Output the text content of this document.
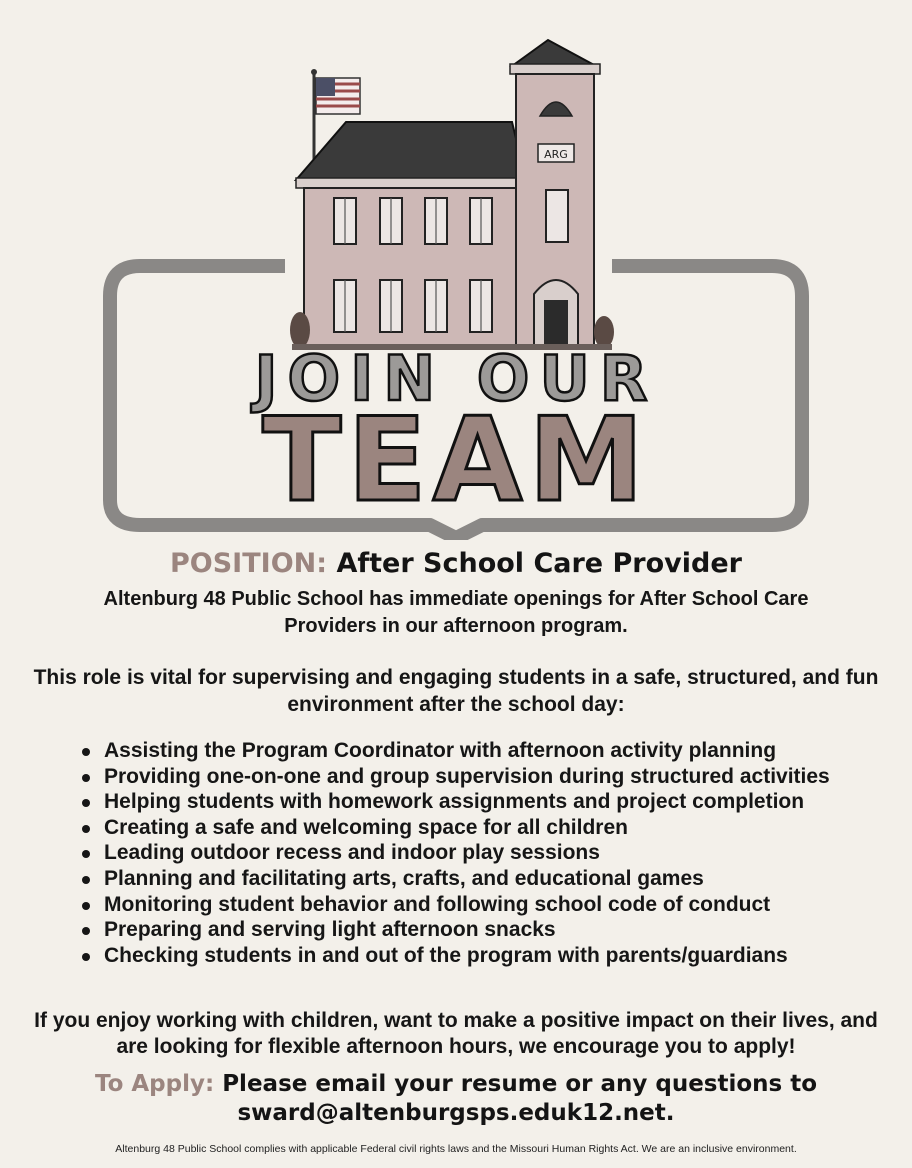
ARG
JOIN OUR
TEAM
POSITION: After School Care Provider
Altenburg 48 Public School has immediate openings for After School Care Providers in our afternoon program.
This role is vital for supervising and engaging students in a safe, structured, and fun environment after the school day:
Assisting the Program Coordinator with afternoon activity planning
Providing one-on-one and group supervision during structured activities
Helping students with homework assignments and project completion
Creating a safe and welcoming space for all children
Leading outdoor recess and indoor play sessions
Planning and facilitating arts, crafts, and educational games
Monitoring student behavior and following school code of conduct
Preparing and serving light afternoon snacks
Checking students in and out of the program with parents/guardians
If you enjoy working with children, want to make a positive impact on their lives, and are looking for flexible afternoon hours, we encourage you to apply!
To Apply: Please email your resume or any questions to
sward@altenburgsps.eduk12.net.
Altenburg 48 Public School complies with applicable Federal civil rights laws and the Missouri Human Rights Act. We are an inclusive environment.
